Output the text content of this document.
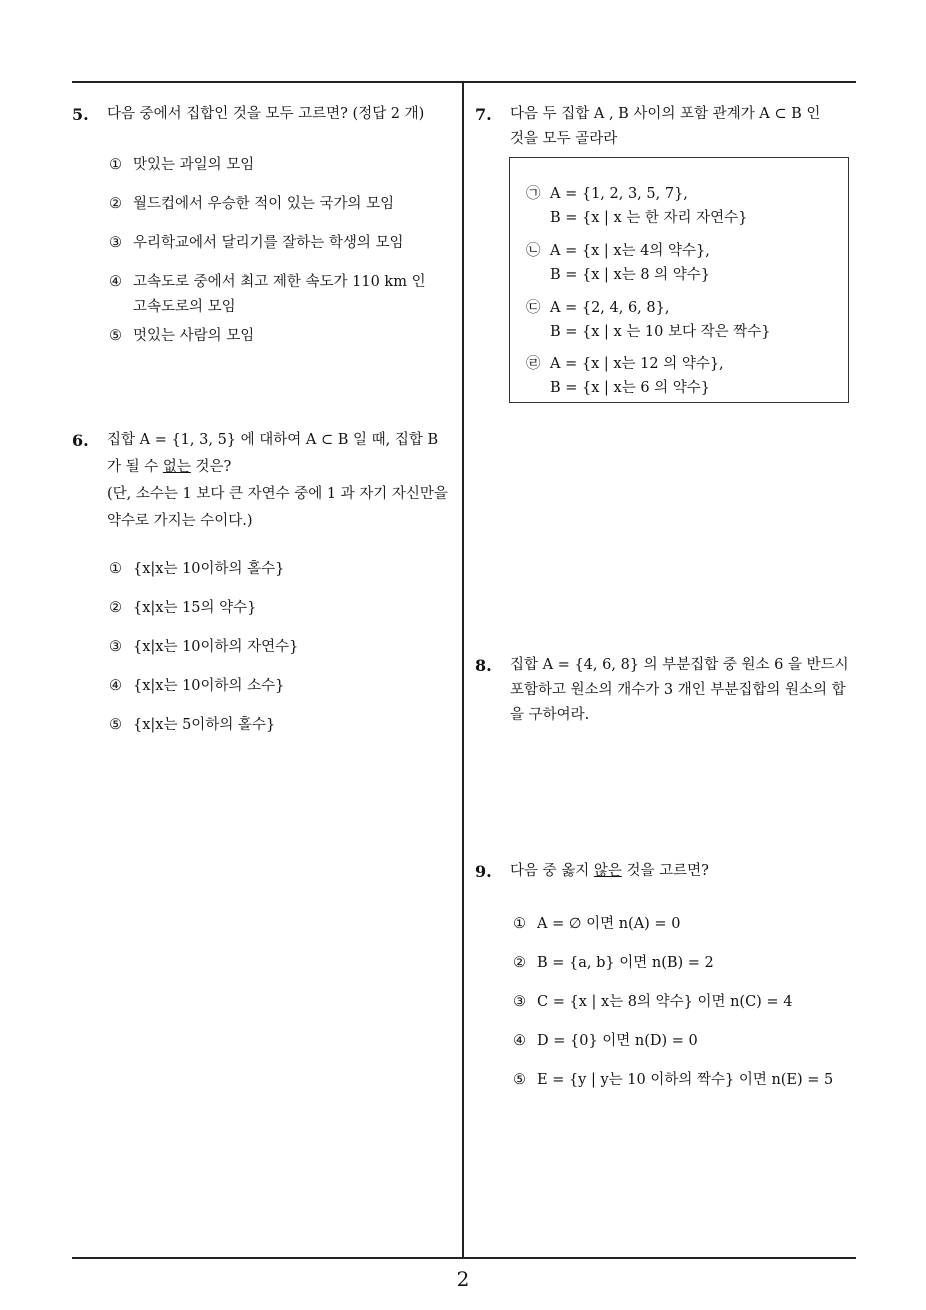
5. 다음 중에서 집합인 것을 모두 고르면? (정답 2 개)
① 맛있는 과일의 모임
② 월드컵에서 우승한 적이 있는 국가의 모임
③ 우리학교에서 달리기를 잘하는 학생의 모임
④ 고속도로 중에서 최고 제한 속도가 110 km 인
고속도로의 모임
⑤ 멋있는 사람의 모임
6. 집합 A = {1, 3, 5} 에 대하여 A ⊂ B 일 때, 집합 B
가 될 수 없는 것은?
(단, 소수는 1 보다 큰 자연수 중에 1 과 자기 자신만을
약수로 가지는 수이다.)
① {x|x는 10이하의 홀수}
② {x|x는 15의 약수}
③ {x|x는 10이하의 자연수}
④ {x|x는 10이하의 소수}
⑤ {x|x는 5이하의 홀수}
7. 다음 두 집합 A , B 사이의 포함 관계가 A ⊂ B 인
것을 모두 골라라
㉠ A = {1, 2, 3, 5, 7},
B = {x | x 는 한 자리 자연수}
㉡ A = {x | x는 4의 약수},
B = {x | x는 8 의 약수}
㉢ A = {2, 4, 6, 8},
B = {x | x 는 10 보다 작은 짝수}
㉣ A = {x | x는 12 의 약수},
B = {x | x는 6 의 약수}
8. 집합 A = {4, 6, 8} 의 부분집합 중 원소 6 을 반드시
포함하고 원소의 개수가 3 개인 부분집합의 원소의 합
을 구하여라.
9. 다음 중 옳지 않은 것을 고르면?
① A = ∅ 이면 n(A) = 0
② B = {a, b} 이면 n(B) = 2
③ C = {x | x는 8의 약수} 이면 n(C) = 4
④ D = {0} 이면 n(D) = 0
⑤ E = {y | y는 10 이하의 짝수} 이면 n(E) = 5
2
